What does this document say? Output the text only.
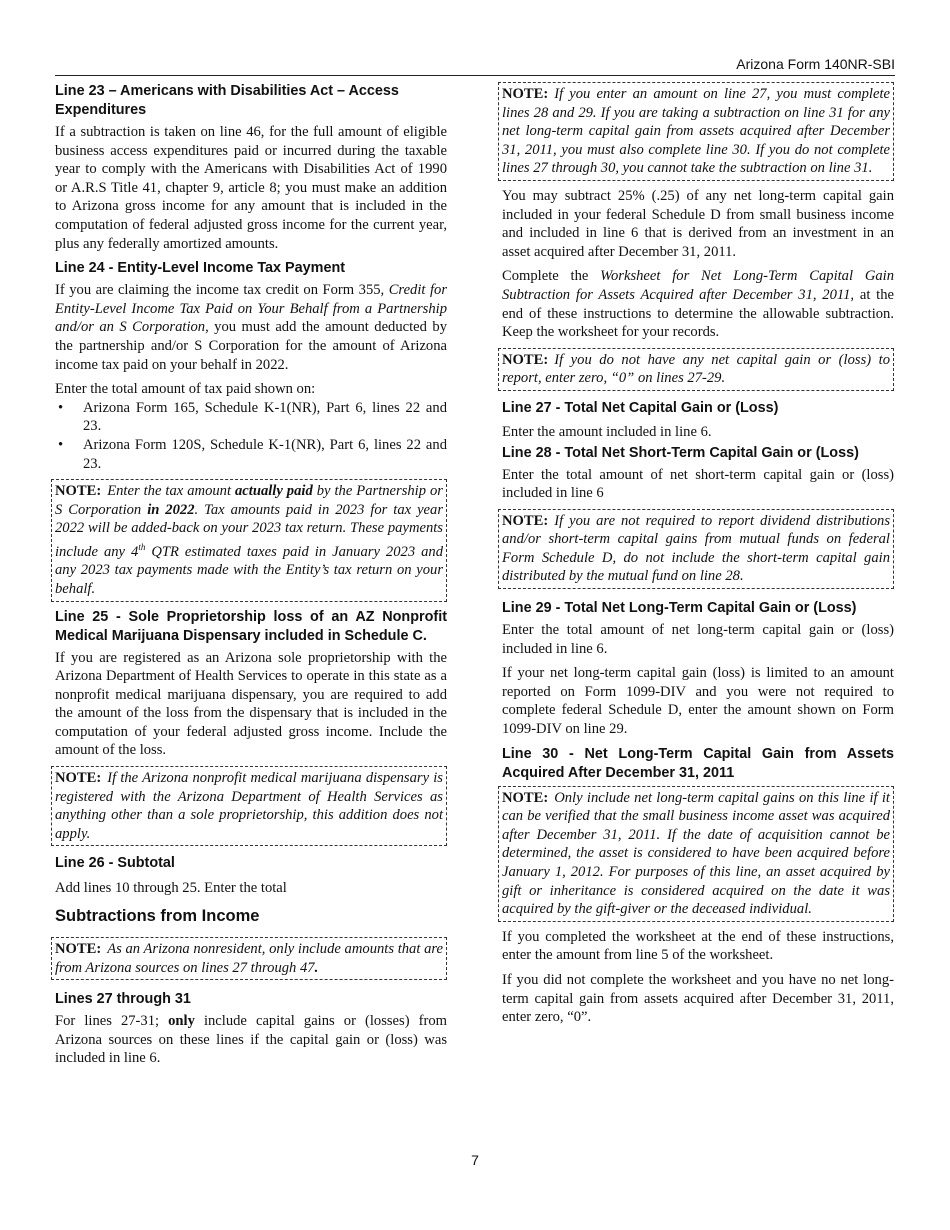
Arizona Form 140NR-SBI
Line 23 – Americans with Disabilities Act – Access Expenditures
If a subtraction is taken on line 46, for the full amount of eligible business access expenditures paid or incurred during the taxable year to comply with the Americans with Disabilities Act of 1990 or A.R.S Title 41, chapter 9, article 8; you must make an addition to Arizona gross income for any amount that is included in the computation of federal adjusted gross income for the current year, plus any federally amortized amounts.
Line 24 - Entity-Level Income Tax Payment
If you are claiming the income tax credit on Form 355, Credit for Entity-Level Income Tax Paid on Your Behalf from a Partnership and/or an S Corporation, you must add the amount deducted by the partnership and/or S Corporation for the amount of Arizona income tax paid on your behalf in 2022.
Enter the total amount of tax paid shown on:
• Arizona Form 165, Schedule K-1(NR), Part 6, lines 22 and 23.
• Arizona Form 120S, Schedule K-1(NR), Part 6, lines 22 and 23.
NOTE: Enter the tax amount actually paid by the Partnership or S Corporation in 2022. Tax amounts paid in 2023 for tax year 2022 will be added-back on your 2023 tax return. These payments include any 4th QTR estimated taxes paid in January 2023 and any 2023 tax payments made with the Entity’s tax return on your behalf.
Line 25 - Sole Proprietorship loss of an AZ Nonprofit Medical Marijuana Dispensary included in Schedule C.
If you are registered as an Arizona sole proprietorship with the Arizona Department of Health Services to operate in this state as a nonprofit medical marijuana dispensary, you are required to add the amount of the loss from the dispensary that is included in the computation of your federal adjusted gross income. Include the amount of the loss.
NOTE: If the Arizona nonprofit medical marijuana dispensary is registered with the Arizona Department of Health Services as anything other than a sole proprietorship, this addition does not apply.
Line 26 - Subtotal
Add lines 10 through 25. Enter the total
Subtractions from Income
NOTE: As an Arizona nonresident, only include amounts that are from Arizona sources on lines 27 through 47.
Lines 27 through 31
For lines 27-31; only include capital gains or (losses) from Arizona sources on these lines if the capital gain or (loss) was included in line 6.
NOTE: If you enter an amount on line 27, you must complete lines 28 and 29. If you are taking a subtraction on line 31 for any net long-term capital gain from assets acquired after December 31, 2011, you must also complete line 30. If you do not complete lines 27 through 30, you cannot take the subtraction on line 31.
You may subtract 25% (.25) of any net long-term capital gain included in your federal Schedule D from small business income and included in line 6 that is derived from an investment in an asset acquired after December 31, 2011.
Complete the Worksheet for Net Long-Term Capital Gain Subtraction for Assets Acquired after December 31, 2011, at the end of these instructions to determine the allowable subtraction. Keep the worksheet for your records.
NOTE: If you do not have any net capital gain or (loss) to report, enter zero, “0” on lines 27-29.
Line 27 - Total Net Capital Gain or (Loss)
Enter the amount included in line 6.
Line 28 - Total Net Short-Term Capital Gain or (Loss)
Enter the total amount of net short-term capital gain or (loss) included in line 6
NOTE: If you are not required to report dividend distributions and/or short-term capital gains from mutual funds on federal Form Schedule D, do not include the short-term capital gain distributed by the mutual fund on line 28.
Line 29 - Total Net Long-Term Capital Gain or (Loss)
Enter the total amount of net long-term capital gain or (loss) included in line 6.
If your net long-term capital gain (loss) is limited to an amount reported on Form 1099-DIV and you were not required to complete federal Schedule D, enter the amount shown on Form 1099-DIV on line 29.
Line 30 - Net Long-Term Capital Gain from Assets Acquired After December 31, 2011
NOTE: Only include net long-term capital gains on this line if it can be verified that the small business income asset was acquired after December 31, 2011. If the date of acquisition cannot be determined, the asset is considered to have been acquired before January 1, 2012. For purposes of this line, an asset acquired by gift or inheritance is considered acquired on the date it was acquired by the gift-giver or the deceased individual.
If you completed the worksheet at the end of these instructions, enter the amount from line 5 of the worksheet.
If you did not complete the worksheet and you have no net long-term capital gain from assets acquired after December 31, 2011, enter zero, “0”.
7
